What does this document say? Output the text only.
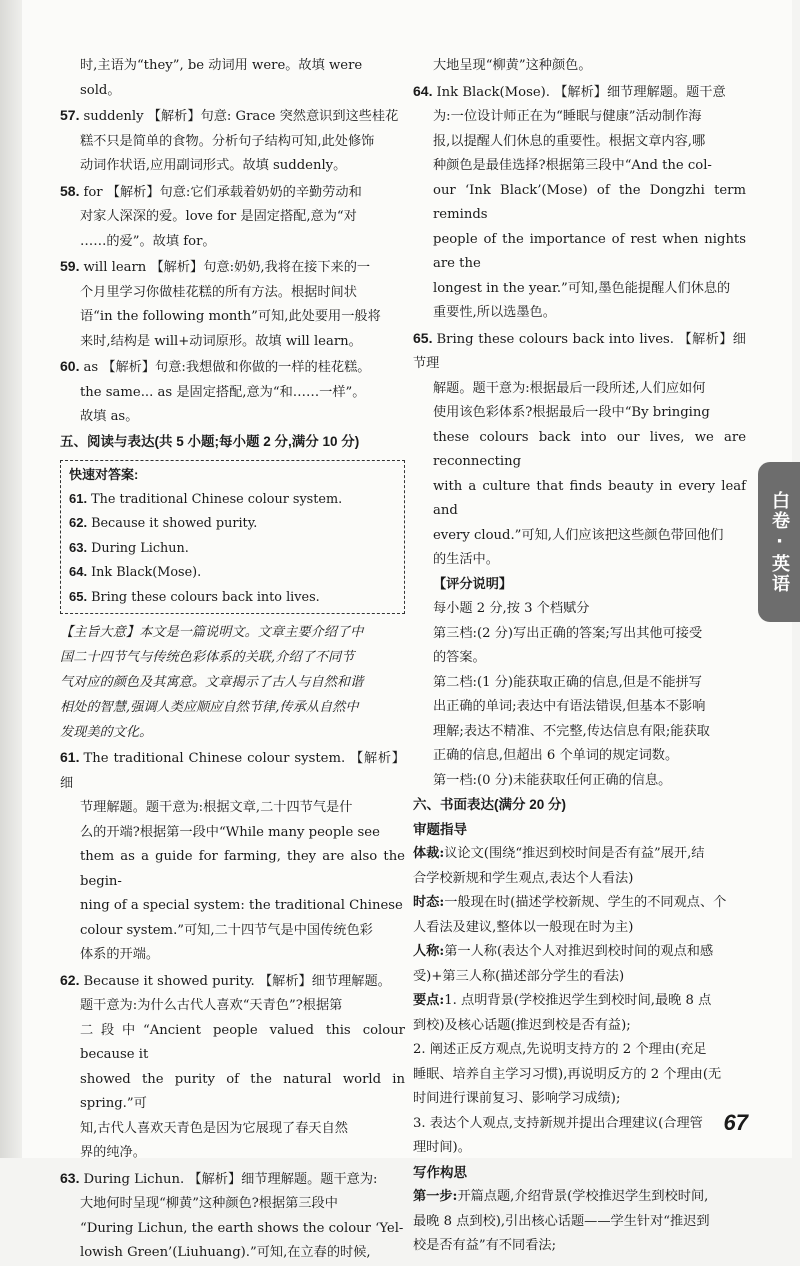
时,主语为“they”, be 动词用 were。故填 were

sold。

57. suddenly 【解析】句意: Grace 突然意识到这些桂花

糕不只是简单的食物。分析句子结构可知,此处修饰

动词作状语,应用副词形式。故填 suddenly。

58. for 【解析】句意:它们承载着奶奶的辛勤劳动和

对家人深深的爱。love for 是固定搭配,意为“对

……的爱”。故填 for。

59. will learn 【解析】句意:奶奶,我将在接下来的一

个月里学习你做桂花糕的所有方法。根据时间状

语“in the following month”可知,此处要用一般将

来时,结构是 will+动词原形。故填 will learn。

60. as 【解析】句意:我想做和你做的一样的桂花糕。

the same... as 是固定搭配,意为“和……一样”。

故填 as。

五、阅读与表达(共 5 小题;每小题 2 分,满分 10 分)

快速对答案:
61. The traditional Chinese colour system.
62. Because it showed purity.
63. During Lichun.
64. Ink Black(Mose).
65. Bring these colours back into lives.

【主旨大意】本文是一篇说明文。文章主要介绍了中

国二十四节气与传统色彩体系的关联,介绍了不同节

气对应的颜色及其寓意。文章揭示了古人与自然和谐

相处的智慧,强调人类应顺应自然节律,传承从自然中

发现美的文化。

61. The traditional Chinese colour system. 【解析】细

节理解题。题干意为:根据文章,二十四节气是什

么的开端?根据第一段中“While many people see

them as a guide for farming, they are also the begin-

ning of a special system: the traditional Chinese

colour system.”可知,二十四节气是中国传统色彩

体系的开端。

62. Because it showed purity. 【解析】细节理解题。

题干意为:为什么古代人喜欢“天青色”?根据第

二段中“Ancient people valued this colour because it

showed the purity of the natural world in spring.”可

知,古代人喜欢天青色是因为它展现了春天自然

界的纯净。

63. During Lichun. 【解析】细节理解题。题干意为:

大地何时呈现“柳黄”这种颜色?根据第三段中

“During Lichun, the earth shows the colour ‘Yel-

lowish Green’(Liuhuang).”可知,在立春的时候,

大地呈现“柳黄”这种颜色。

64. Ink Black(Mose). 【解析】细节理解题。题干意

为:一位设计师正在为“睡眠与健康”活动制作海

报,以提醒人们休息的重要性。根据文章内容,哪

种颜色是最佳选择?根据第三段中“And the col-

our ‘Ink Black’(Mose) of the Dongzhi term reminds

people of the importance of rest when nights are the

longest in the year.”可知,墨色能提醒人们休息的

重要性,所以选墨色。

65. Bring these colours back into lives. 【解析】细节理

解题。题干意为:根据最后一段所述,人们应如何

使用该色彩体系?根据最后一段中“By bringing

these colours back into our lives, we are reconnecting

with a culture that finds beauty in every leaf and

every cloud.”可知,人们应该把这些颜色带回他们

的生活中。

【评分说明】

每小题 2 分,按 3 个档赋分

第三档:(2 分)写出正确的答案;写出其他可接受

的答案。

第二档:(1 分)能获取正确的信息,但是不能拼写

出正确的单词;表达中有语法错误,但基本不影响

理解;表达不精准、不完整,传达信息有限;能获取

正确的信息,但超出 6 个单词的规定词数。

第一档:(0 分)未能获取任何正确的信息。

六、书面表达(满分 20 分)

审题指导

体裁:议论文(围绕“推迟到校时间是否有益”展开,结

合学校新规和学生观点,表达个人看法)

时态:一般现在时(描述学校新规、学生的不同观点、个

人看法及建议,整体以一般现在时为主)

人称:第一人称(表达个人对推迟到校时间的观点和感

受)+第三人称(描述部分学生的看法)

要点:1. 点明背景(学校推迟学生到校时间,最晚 8 点

到校)及核心话题(推迟到校是否有益);

2. 阐述正反方观点,先说明支持方的 2 个理由(充足

睡眠、培养自主学习习惯),再说明反方的 2 个理由(无

时间进行课前复习、影响学习成绩);

3. 表达个人观点,支持新规并提出合理建议(合理管

理时间)。

写作构思

第一步:开篇点题,介绍背景(学校推迟学生到校时间,

最晚 8 点到校),引出核心话题——学生针对“推迟到

校是否有益”有不同看法;

白卷·英语
67
